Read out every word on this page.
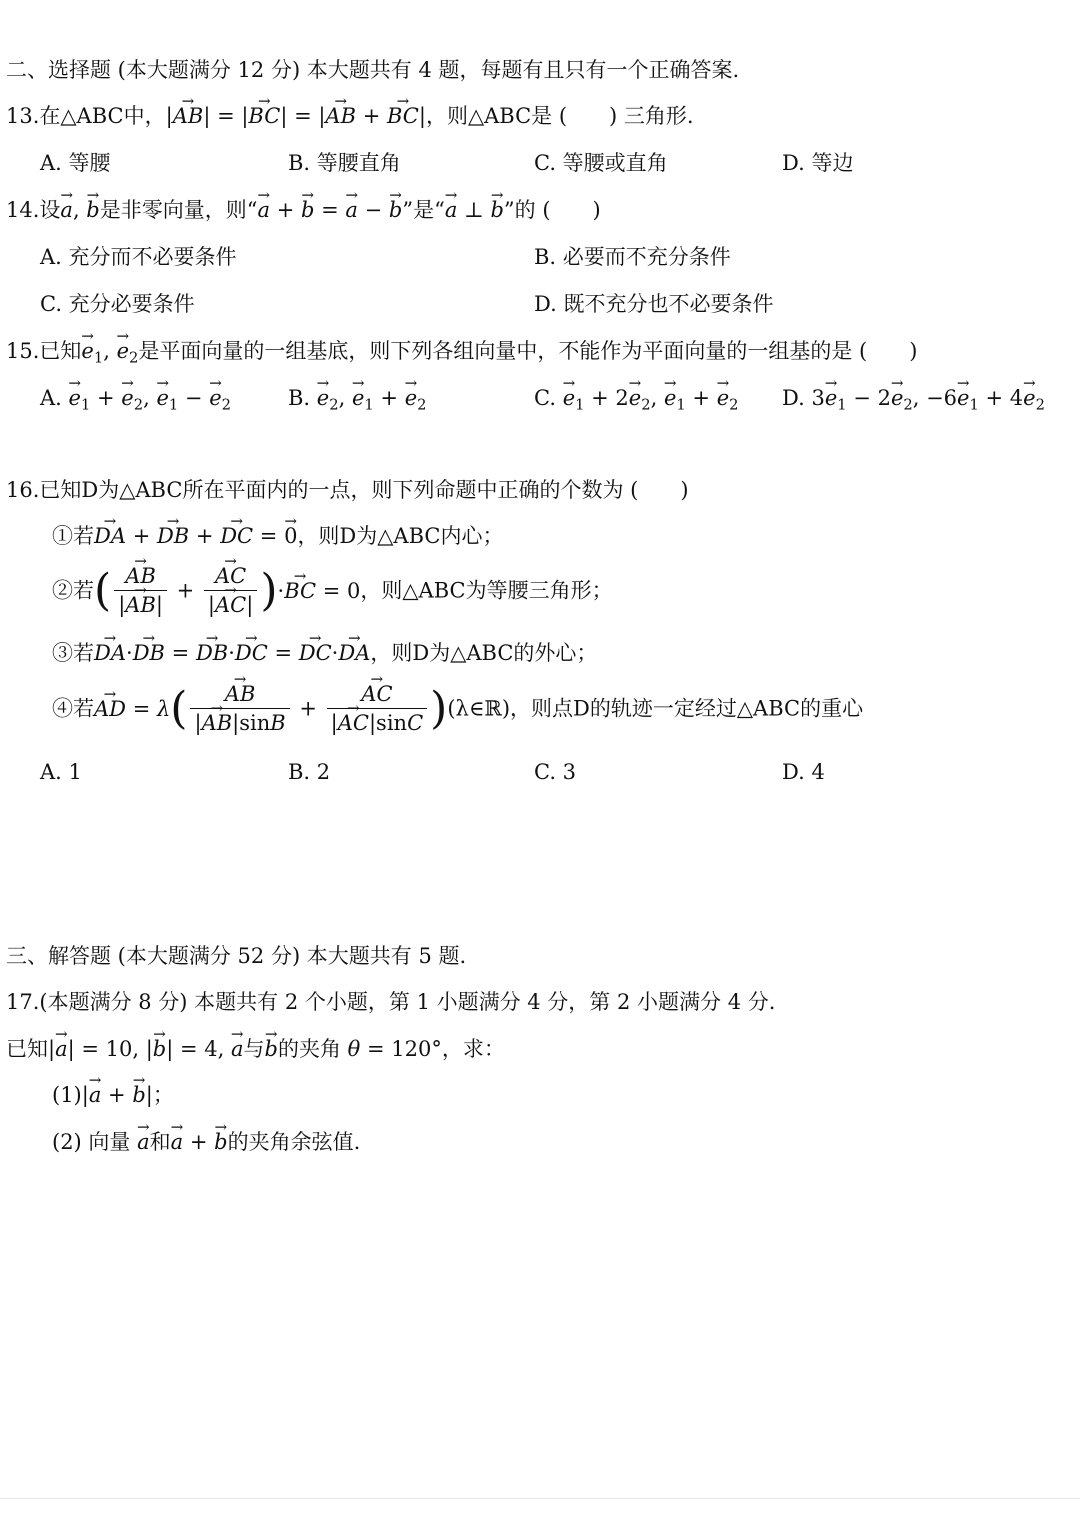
二、选择题 (本大题满分 12 分) 本大题共有 4 题，每题有且只有一个正确答案.
13.在△ABC中，|→ AB| = |→ BC| = |→ AB + → BC|，则△ABC是 (　　) 三角形.
A. 等腰	B. 等腰直角	C. 等腰或直角	D. 等边
14.设→ a, → b是非零向量，则“→ a + → b = → a − → b”是“→ a ⊥ → b”的 (　　)
A. 充分而不必要条件	B. 必要而不充分条件
C. 充分必要条件	D. 既不充分也不必要条件
15.已知→ $e_1$, → $e_2$是平面向量的一组基底，则下列各组向量中，不能作为平面向量的一组基的是 (　　)
A. → $e_1$ + → $e_2$, → $e_1$ − → $e_2$	B. → $e_2$, → $e_1$ + → $e_2$	C. → $e_1 + 2\to e_2$, → $e_1$ + → $e_2$ D. $3\to e_1 - 2\to e_2$, $-6\to e_1 + 4\to e_2$
16.已知D为△ABC所在平面内的一点，则下列命题中正确的个数为 (　　)
①若→ DA + → DB + → DC = → 0，则D为△ABC内心；
②若(
→ $\frac{AB}{|\to AB|}$ +
→ $\frac{AC}{|\to AC|}$ )·→ BC = 0，则△ABC为等腰三角形；
③若→ DA·→ DB = → DB·→ DC = → DC·→ DA，则D为△ABC的外心；
④若→ AD = λ(
→ $\frac{AB}{|\to AB|\sin B}$ +
→ $\frac{AC}{|\to AC|\sin C}$ )(λ∈ℝ)，则点D的轨迹一定经过△ABC的重心
A. 1	B. 2	C. 3	D. 4
三、解答题 (本大题满分 52 分) 本大题共有 5 题.
17.(本题满分 8 分) 本题共有 2 个小题，第 1 小题满分 4 分，第 2 小题满分 4 分.
已知|→ a| = 10, |→ b| = 4, → a与→ b的夹角 θ = 120°，求：
(1)|→ a + → b|；
(2) 向量 → a和→ a + → b的夹角余弦值.
